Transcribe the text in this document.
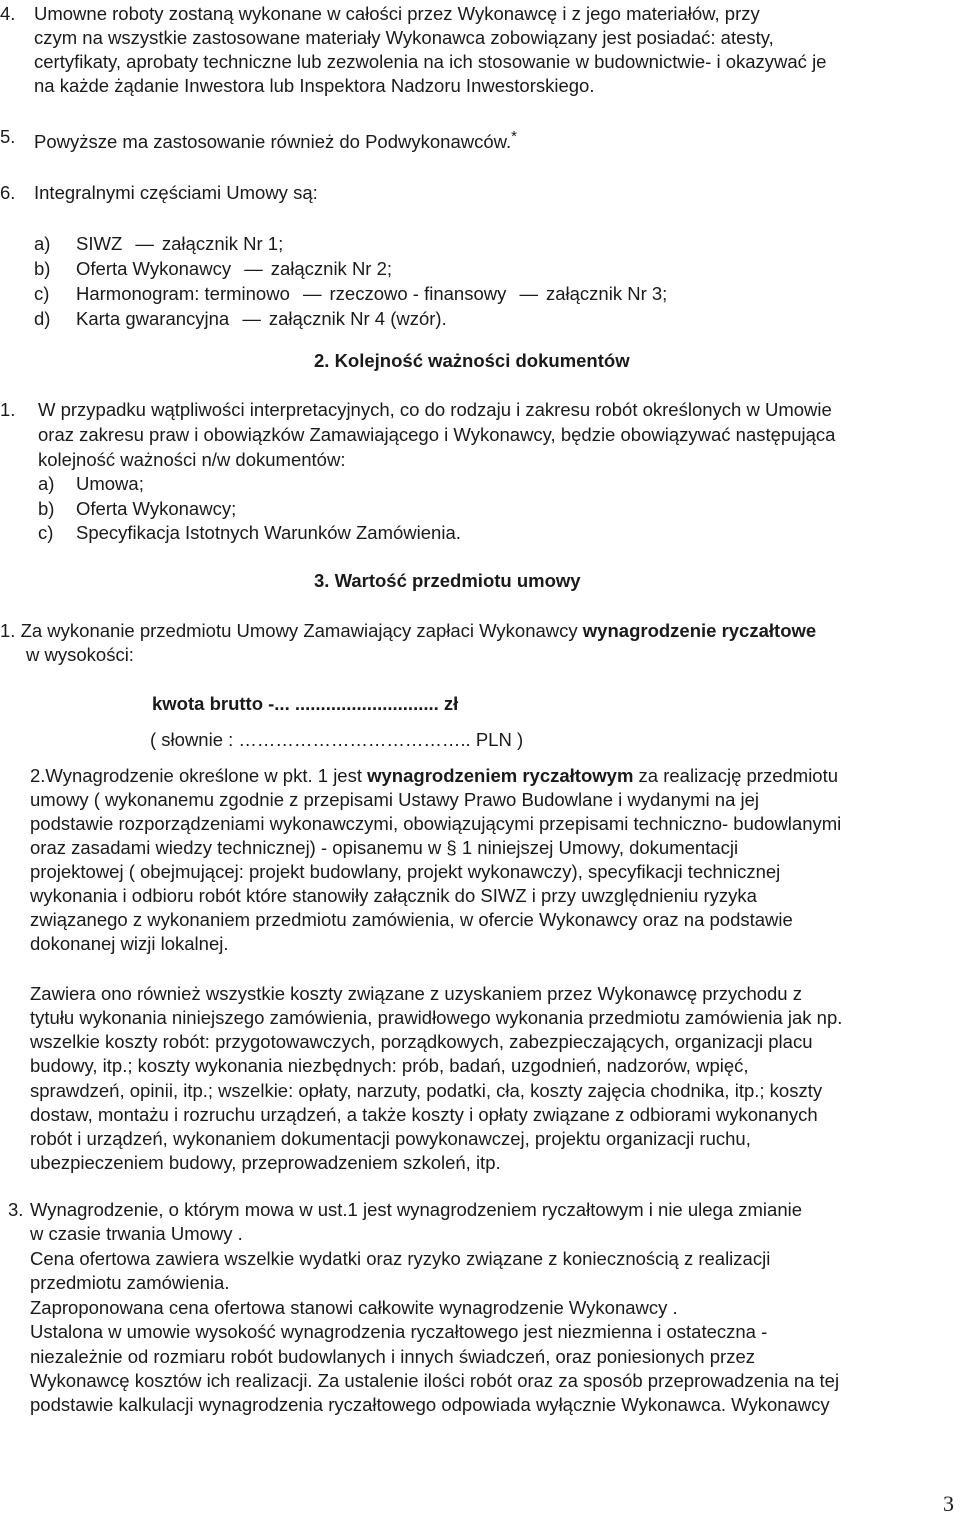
4. Umowne roboty zostaną wykonane w całości przez Wykonawcę i z jego materiałów, przy
czym na wszystkie zastosowane materiały Wykonawca zobowiązany jest posiadać: atesty,
certyfikaty, aprobaty techniczne lub zezwolenia na ich stosowanie w budownictwie- i okazywać je
na każde żądanie Inwestora lub Inspektora Nadzoru Inwestorskiego.
5. Powyższe ma zastosowanie również do Podwykonawców.*
6. Integralnymi częściami Umowy są:
a) SIWZ — załącznik Nr 1;
b) Oferta Wykonawcy — załącznik Nr 2;
c) Harmonogram: terminowo — rzeczowo - finansowy — załącznik Nr 3;
d) Karta gwarancyjna — załącznik Nr 4 (wzór).
2. Kolejność ważności dokumentów
1. W przypadku wątpliwości interpretacyjnych, co do rodzaju i zakresu robót określonych w Umowie
oraz zakresu praw i obowiązków Zamawiającego i Wykonawcy, będzie obowiązywać następująca
kolejność ważności n/w dokumentów:
a) Umowa;
b) Oferta Wykonawcy;
c) Specyfikacja Istotnych Warunków Zamówienia.
3. Wartość przedmiotu umowy
1. Za wykonanie przedmiotu Umowy Zamawiający zapłaci Wykonawcy wynagrodzenie ryczałtowe
w wysokości:
kwota brutto -... ............................ zł
( słownie : ……………………………….. PLN )
2.Wynagrodzenie określone w pkt. 1 jest wynagrodzeniem ryczałtowym za realizację przedmiotu
umowy ( wykonanemu zgodnie z przepisami Ustawy Prawo Budowlane i wydanymi na jej
podstawie rozporządzeniami wykonawczymi, obowiązującymi przepisami techniczno- budowlanymi
oraz zasadami wiedzy technicznej) - opisanemu w § 1 niniejszej Umowy, dokumentacji
projektowej ( obejmującej: projekt budowlany, projekt wykonawczy), specyfikacji technicznej
wykonania i odbioru robót które stanowiły załącznik do SIWZ i przy uwzględnieniu ryzyka
związanego z wykonaniem przedmiotu zamówienia, w ofercie Wykonawcy oraz na podstawie
dokonanej wizji lokalnej.
Zawiera ono również wszystkie koszty związane z uzyskaniem przez Wykonawcę przychodu z
tytułu wykonania niniejszego zamówienia, prawidłowego wykonania przedmiotu zamówienia jak np.
wszelkie koszty robót: przygotowawczych, porządkowych, zabezpieczających, organizacji placu
budowy, itp.; koszty wykonania niezbędnych: prób, badań, uzgodnień, nadzorów, wpięć,
sprawdzeń, opinii, itp.; wszelkie: opłaty, narzuty, podatki, cła, koszty zajęcia chodnika, itp.; koszty
dostaw, montażu i rozruchu urządzeń, a także koszty i opłaty związane z odbiorami wykonanych
robót i urządzeń, wykonaniem dokumentacji powykonawczej, projektu organizacji ruchu,
ubezpieczeniem budowy, przeprowadzeniem szkoleń, itp.
3. Wynagrodzenie, o którym mowa w ust.1 jest wynagrodzeniem ryczałtowym i nie ulega zmianie
w czasie trwania Umowy .
Cena ofertowa zawiera wszelkie wydatki oraz ryzyko związane z koniecznością z realizacji
przedmiotu zamówienia.
Zaproponowana cena ofertowa stanowi całkowite wynagrodzenie Wykonawcy .
Ustalona w umowie wysokość wynagrodzenia ryczałtowego jest niezmienna i ostateczna -
niezależnie od rozmiaru robót budowlanych i innych świadczeń, oraz poniesionych przez
Wykonawcę kosztów ich realizacji. Za ustalenie ilości robót oraz za sposób przeprowadzenia na tej
podstawie kalkulacji wynagrodzenia ryczałtowego odpowiada wyłącznie Wykonawca. Wykonawcy
3
